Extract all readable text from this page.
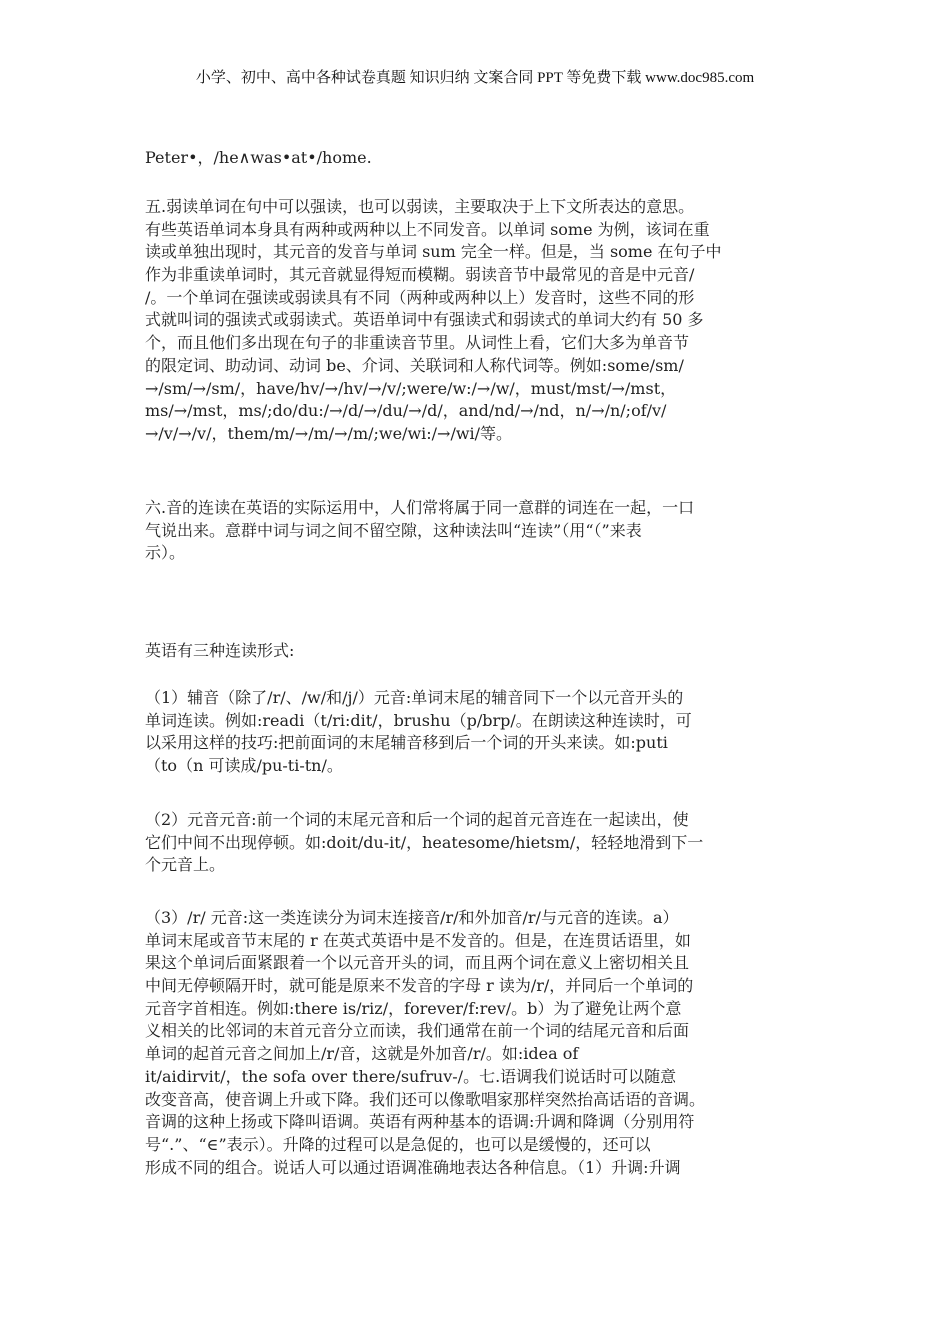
小学、初中、高中各种试卷真题 知识归纳 文案合同 PPT 等免费下载 www.doc985.com
Peter•，/he∧was•at•/home.
五.弱读单词在句中可以强读，也可以弱读，主要取决于上下文所表达的意思。
有些英语单词本身具有两种或两种以上不同发音。以单词 some 为例，该词在重
读或单独出现时，其元音的发音与单词 sum 完全一样。但是，当 some 在句子中
作为非重读单词时，其元音就显得短而模糊。弱读音节中最常见的音是中元音/
/。一个单词在强读或弱读具有不同（两种或两种以上）发音时，这些不同的形
式就叫词的强读式或弱读式。英语单词中有强读式和弱读式的单词大约有 50 多
个，而且他们多出现在句子的非重读音节里。从词性上看，它们大多为单音节
的限定词、助动词、动词 be、介词、关联词和人称代词等。例如:some/sm/
→/sm/→/sm/，have/hv/→/hv/→/v/;were/w:/→/w/，must/mst/→/mst，
ms/→/mst，ms/;do/du:/→/d/→/du/→/d/，and/nd/→/nd，n/→/n/;of/v/
→/v/→/v/，them/m/→/m/→/m/;we/wi:/→/wi/等。
六.音的连读在英语的实际运用中，人们常将属于同一意群的词连在一起，一口
气说出来。意群中词与词之间不留空隙，这种读法叫“连读”（用“（”来表
示）。
英语有三种连读形式:
（1）辅音（除了/r/、/w/和/j/）元音:单词末尾的辅音同下一个以元音开头的
单词连读。例如:readi（t/ri:dit/，brushu（p/brp/。在朗读这种连读时，可
以采用这样的技巧:把前面词的末尾辅音移到后一个词的开头来读。如:puti
（to（n 可读成/pu-ti-tn/。
（2）元音元音:前一个词的末尾元音和后一个词的起首元音连在一起读出，使
它们中间不出现停顿。如:doit/du-it/，heatesome/hietsm/，轻轻地滑到下一
个元音上。
（3）/r/ 元音:这一类连读分为词末连接音/r/和外加音/r/与元音的连读。a）
单词末尾或音节末尾的 r 在英式英语中是不发音的。但是，在连贯话语里，如
果这个单词后面紧跟着一个以元音开头的词，而且两个词在意义上密切相关且
中间无停顿隔开时，就可能是原来不发音的字母 r 读为/r/，并同后一个单词的
元音字首相连。例如:there is/riz/，forever/f:rev/。b）为了避免让两个意
义相关的比邻词的末首元音分立而读，我们通常在前一个词的结尾元音和后面
单词的起首元音之间加上/r/音，这就是外加音/r/。如:idea of
it/aidirvit/，the sofa over there/sufruv-/。七.语调我们说话时可以随意
改变音高，使音调上升或下降。我们还可以像歌唱家那样突然抬高话语的音调。
音调的这种上扬或下降叫语调。英语有两种基本的语调:升调和降调（分别用符
号“.”、“∈”表示）。升降的过程可以是急促的，也可以是缓慢的，还可以
形成不同的组合。说话人可以通过语调准确地表达各种信息。（1）升调:升调
